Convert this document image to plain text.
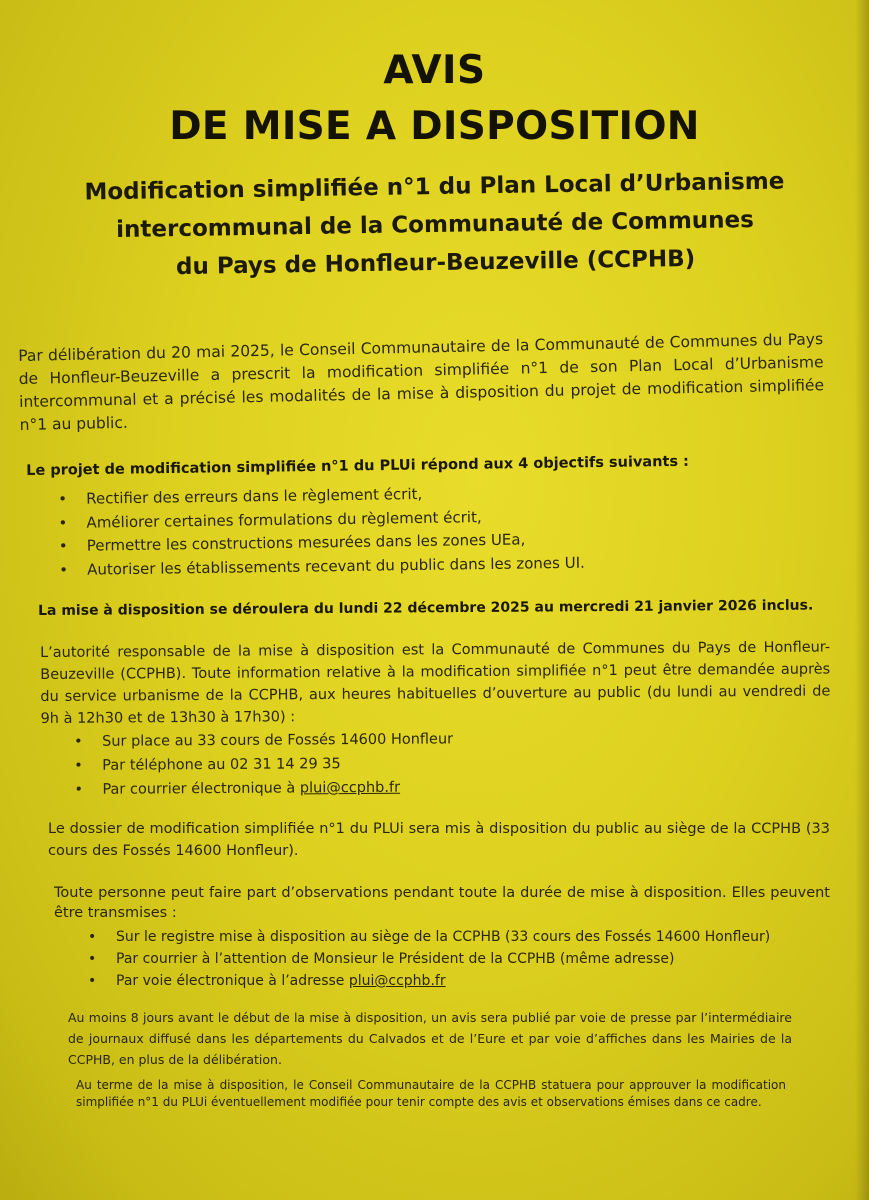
AVIS
DE MISE A DISPOSITION
Modification simplifiée n°1 du Plan Local d’Urbanisme
intercommunal de la Communauté de Communes
du Pays de Honfleur-Beuzeville (CCPHB)
Par délibération du 20 mai 2025, le Conseil Communautaire de la Communauté de Communes du Pays de Honfleur-Beuzeville a prescrit la modification simplifiée n°1 de son Plan Local d’Urbanisme intercommunal et a précisé les modalités de la mise à disposition du projet de modification simplifiée n°1 au public.
Le projet de modification simplifiée n°1 du PLUi répond aux 4 objectifs suivants :
• Rectifier des erreurs dans le règlement écrit,
• Améliorer certaines formulations du règlement écrit,
• Permettre les constructions mesurées dans les zones UEa,
• Autoriser les établissements recevant du public dans les zones UI.
La mise à disposition se déroulera du lundi 22 décembre 2025 au mercredi 21 janvier 2026 inclus.
L’autorité responsable de la mise à disposition est la Communauté de Communes du Pays de Honfleur-Beuzeville (CCPHB). Toute information relative à la modification simplifiée n°1 peut être demandée auprès du service urbanisme de la CCPHB, aux heures habituelles d’ouverture au public (du lundi au vendredi de 9h à 12h30 et de 13h30 à 17h30) :
• Sur place au 33 cours de Fossés 14600 Honfleur
• Par téléphone au 02 31 14 29 35
• Par courrier électronique à plui@ccphb.fr
Le dossier de modification simplifiée n°1 du PLUi sera mis à disposition du public au siège de la CCPHB (33 cours des Fossés 14600 Honfleur).
Toute personne peut faire part d’observations pendant toute la durée de mise à disposition. Elles peuvent être transmises :
• Sur le registre mise à disposition au siège de la CCPHB (33 cours des Fossés 14600 Honfleur)
• Par courrier à l’attention de Monsieur le Président de la CCPHB (même adresse)
• Par voie électronique à l’adresse plui@ccphb.fr
Au moins 8 jours avant le début de la mise à disposition, un avis sera publié par voie de presse par l’intermédiaire de journaux diffusé dans les départements du Calvados et de l’Eure et par voie d’affiches dans les Mairies de la CCPHB, en plus de la délibération.
Au terme de la mise à disposition, le Conseil Communautaire de la CCPHB statuera pour approuver la modification simplifiée n°1 du PLUi éventuellement modifiée pour tenir compte des avis et observations émises dans ce cadre.
